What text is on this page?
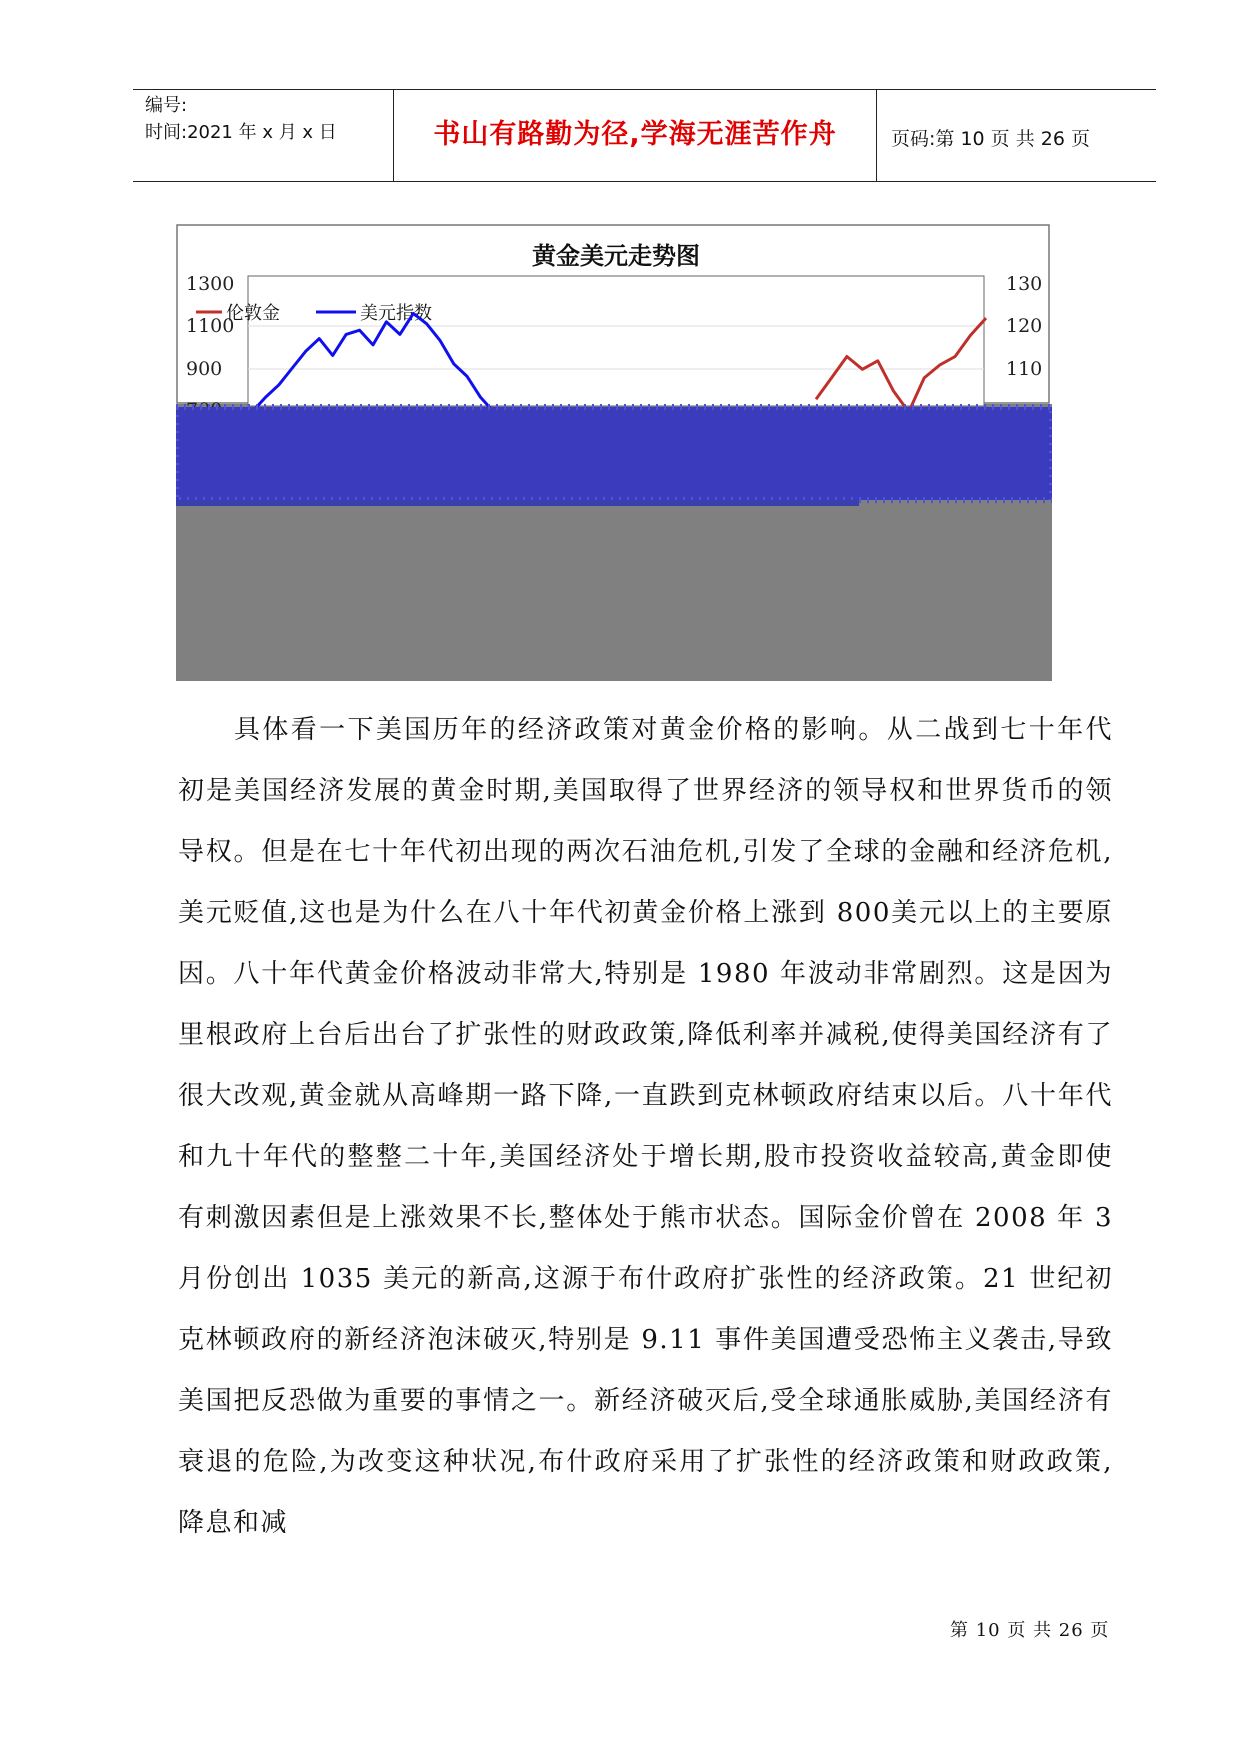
编号:
时间:2021 年 x 月 x 日	书山有路勤为径,学海无涯苦作舟	页码:第 10 页 共 26 页
黄金美元走势图
1300
1100
900
130
120
110
伦敦金	美元指数

具体看一下美国历年的经济政策对黄金价格的影响。从二战到七十年代初是美国经济发展的黄金时期,美国取得了世界经济的领导权和世界货币的领导权。但是在七十年代初出现的两次石油危机,引发了全球的金融和经济危机,美元贬值,这也是为什么在八十年代初黄金价格上涨到 800美元以上的主要原因。八十年代黄金价格波动非常大,特别是 1980 年波动非常剧烈。这是因为里根政府上台后出台了扩张性的财政政策,降低利率并减税,使得美国经济有了很大改观,黄金就从高峰期一路下降,一直跌到克林顿政府结束以后。八十年代和九十年代的整整二十年,美国经济处于增长期,股市投资收益较高,黄金即使有刺激因素但是上涨效果不长,整体处于熊市状态。国际金价曾在 2008 年 3 月份创出 1035 美元的新高,这源于布什政府扩张性的经济政策。21 世纪初克林顿政府的新经济泡沫破灭,特别是 9.11 事件美国遭受恐怖主义袭击,导致美国把反恐做为重要的事情之一。新经济破灭后,受全球通胀威胁,美国经济有衰退的危险,为改变这种状况,布什政府采用了扩张性的经济政策和财政政策,降息和减

第 10 页 共 26 页
